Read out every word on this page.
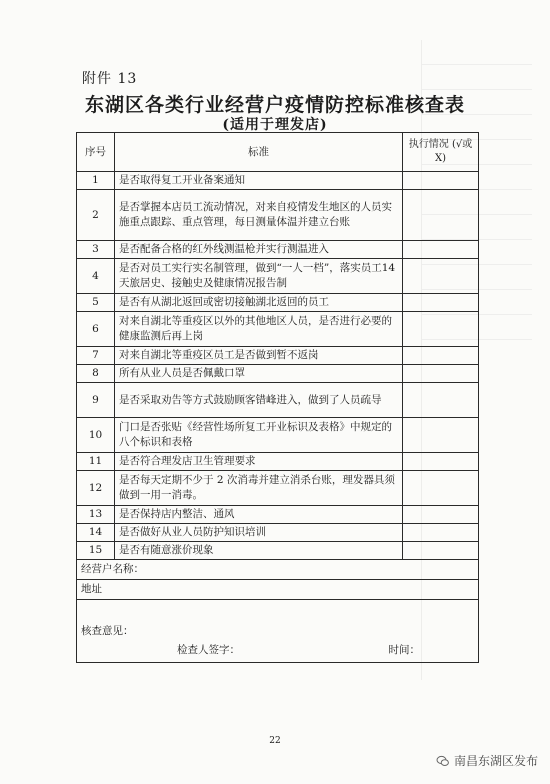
附件 13
东湖区各类行业经营户疫情防控标准核查表
(适用于理发店)
序号	标准	执行情况 (√或X)
1	是否取得复工开业备案通知	
2	是否掌握本店员工流动情况，对来自疫情发生地区的人员实施重点跟踪、重点管理，每日测量体温并建立台账	
3	是否配备合格的红外线测温枪并实行测温进入	
4	是否对员工实行实名制管理，做到“一人一档”，落实员工14天旅居史、接触史及健康情况报告制	
5	是否有从湖北返回或密切接触湖北返回的员工	
6	对来自湖北等重疫区以外的其他地区人员，是否进行必要的健康监测后再上岗	
7	对来自湖北等重疫区员工是否做到暂不返岗	
8	所有从业人员是否佩戴口罩	
9	是否采取劝告等方式鼓励顾客错峰进入，做到了人员疏导	
10	门口是否张贴《经营性场所复工开业标识及表格》中规定的八个标识和表格	
11	是否符合理发店卫生管理要求	
12	是否每天定期不少于 2 次消毒并建立消杀台账，理发器具须做到一用一消毒。	
13	是否保持店内整洁、通风	
14	是否做好从业人员防护知识培训	
15	是否有随意涨价现象	
经营户名称：		
地址		
核查意见：
检查人签字： 时间：		
22
南昌东湖区发布
